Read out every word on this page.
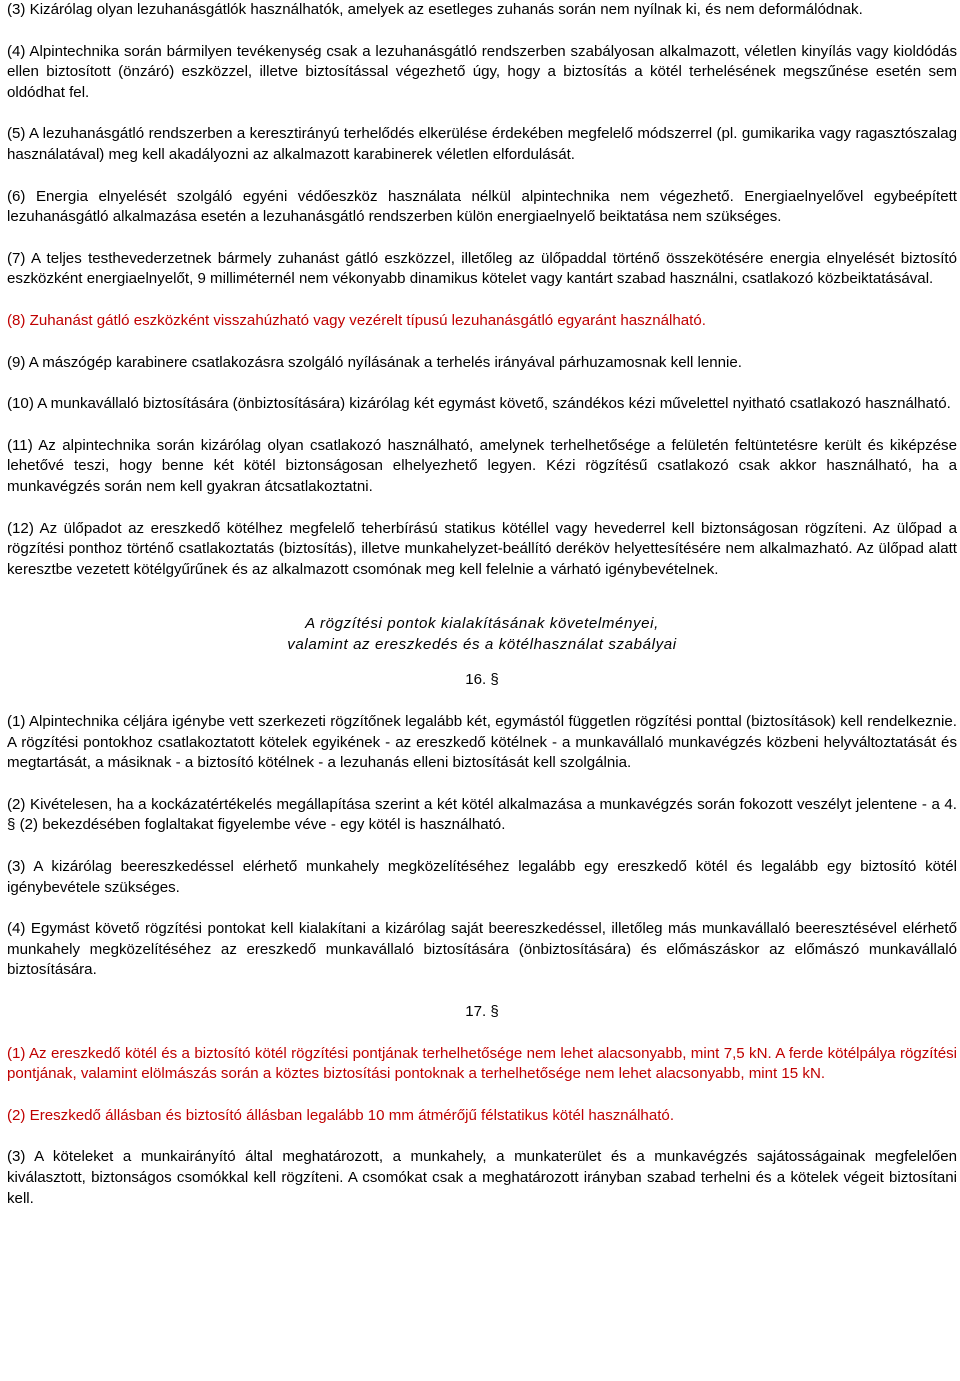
(3) Kizárólag olyan lezuhanásgátlók használhatók, amelyek az esetleges zuhanás során nem nyílnak ki, és nem deformálódnak.

(4) Alpintechnika során bármilyen tevékenység csak a lezuhanásgátló rendszerben szabályosan alkalmazott, véletlen kinyílás vagy kioldódás ellen biztosított (önzáró) eszközzel, illetve biztosítással végezhető úgy, hogy a biztosítás a kötél terhelésének megszűnése esetén sem oldódhat fel.

(5) A lezuhanásgátló rendszerben a keresztirányú terhelődés elkerülése érdekében megfelelő módszerrel (pl. gumikarika vagy ragasztószalag használatával) meg kell akadályozni az alkalmazott karabinerek véletlen elfordulását.

(6) Energia elnyelését szolgáló egyéni védőeszköz használata nélkül alpintechnika nem végezhető. Energiaelnyelővel egybeépített lezuhanásgátló alkalmazása esetén a lezuhanásgátló rendszerben külön energiaelnyelő beiktatása nem szükséges.

(7) A teljes testhevederzetnek bármely zuhanást gátló eszközzel, illetőleg az ülőpaddal történő összekötésére energia elnyelését biztosító eszközként energiaelnyelőt, 9 milliméternél nem vékonyabb dinamikus kötelet vagy kantárt szabad használni, csatlakozó közbeiktatásával.

(8) Zuhanást gátló eszközként visszahúzható vagy vezérelt típusú lezuhanásgátló egyaránt használható.

(9) A mászógép karabinere csatlakozásra szolgáló nyílásának a terhelés irányával párhuzamosnak kell lennie.

(10) A munkavállaló biztosítására (önbiztosítására) kizárólag két egymást követő, szándékos kézi művelettel nyitható csatlakozó használható.

(11) Az alpintechnika során kizárólag olyan csatlakozó használható, amelynek terhelhetősége a felületén feltüntetésre került és kiképzése lehetővé teszi, hogy benne két kötél biztonságosan elhelyezhető legyen. Kézi rögzítésű csatlakozó csak akkor használható, ha a munkavégzés során nem kell gyakran átcsatlakoztatni.

(12) Az ülőpadot az ereszkedő kötélhez megfelelő teherbírású statikus kötéllel vagy hevederrel kell biztonságosan rögzíteni. Az ülőpad a rögzítési ponthoz történő csatlakoztatás (biztosítás), illetve munkahelyzet-beállító deréköv helyettesítésére nem alkalmazható. Az ülőpad alatt keresztbe vezetett kötélgyűrűnek és az alkalmazott csomónak meg kell felelnie a várható igénybevételnek.

A rögzítési pontok kialakításának követelményei,
valamint az ereszkedés és a kötélhasználat szabályai
16. §

(1) Alpintechnika céljára igénybe vett szerkezeti rögzítőnek legalább két, egymástól független rögzítési ponttal (biztosítások) kell rendelkeznie. A rögzítési pontokhoz csatlakoztatott kötelek egyikének - az ereszkedő kötélnek - a munkavállaló munkavégzés közbeni helyváltoztatását és megtartását, a másiknak - a biztosító kötélnek - a lezuhanás elleni biztosítását kell szolgálnia.

(2) Kivételesen, ha a kockázatértékelés megállapítása szerint a két kötél alkalmazása a munkavégzés során fokozott veszélyt jelentene - a 4. § (2) bekezdésében foglaltakat figyelembe véve - egy kötél is használható.

(3) A kizárólag beereszkedéssel elérhető munkahely megközelítéséhez legalább egy ereszkedő kötél és legalább egy biztosító kötél igénybevétele szükséges.

(4) Egymást követő rögzítési pontokat kell kialakítani a kizárólag saját beereszkedéssel, illetőleg más munkavállaló beeresztésével elérhető munkahely megközelítéséhez az ereszkedő munkavállaló biztosítására (önbiztosítására) és előmászáskor az előmászó munkavállaló biztosítására.

17. §

(1) Az ereszkedő kötél és a biztosító kötél rögzítési pontjának terhelhetősége nem lehet alacsonyabb, mint 7,5 kN. A ferde kötélpálya rögzítési pontjának, valamint elölmászás során a köztes biztosítási pontoknak a terhelhetősége nem lehet alacsonyabb, mint 15 kN.

(2) Ereszkedő állásban és biztosító állásban legalább 10 mm átmérőjű félstatikus kötél használható.

(3) A köteleket a munkairányító által meghatározott, a munkahely, a munkaterület és a munkavégzés sajátosságainak megfelelően kiválasztott, biztonságos csomókkal kell rögzíteni. A csomókat csak a meghatározott irányban szabad terhelni és a kötelek végeit biztosítani kell.
